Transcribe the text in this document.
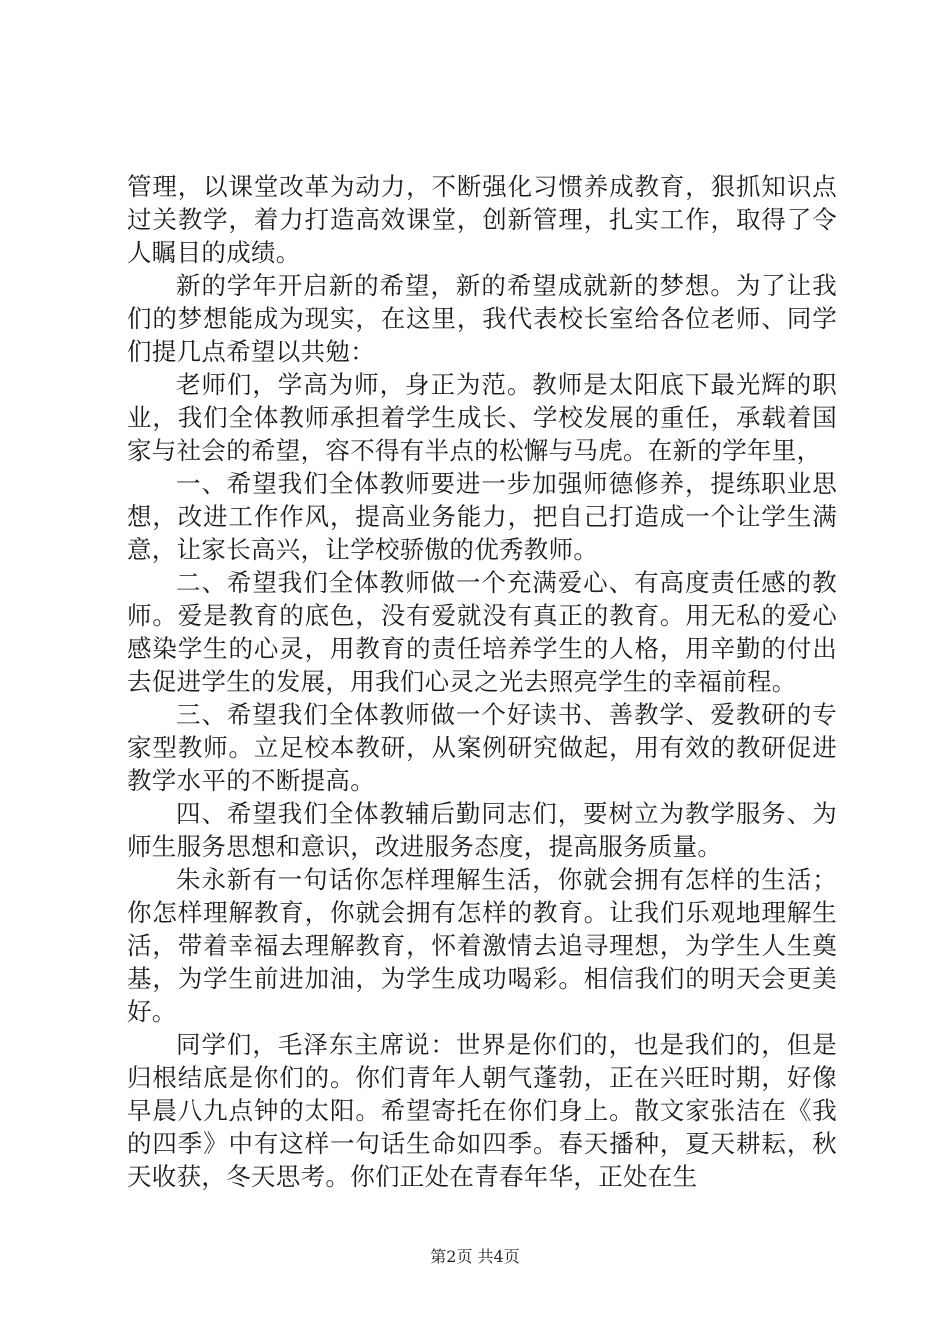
管理，以课堂改革为动力，不断强化习惯养成教育，狠抓知识点过关教学，着力打造高效课堂，创新管理，扎实工作，取得了令人瞩目的成绩。

新的学年开启新的希望，新的希望成就新的梦想。为了让我们的梦想能成为现实，在这里，我代表校长室给各位老师、同学们提几点希望以共勉：

老师们，学高为师，身正为范。教师是太阳底下最光辉的职业，我们全体教师承担着学生成长、学校发展的重任，承载着国家与社会的希望，容不得有半点的松懈与马虎。在新的学年里，

一、希望我们全体教师要进一步加强师德修养，提练职业思想，改进工作作风，提高业务能力，把自己打造成一个让学生满意，让家长高兴，让学校骄傲的优秀教师。

二、希望我们全体教师做一个充满爱心、有高度责任感的教师。爱是教育的底色，没有爱就没有真正的教育。用无私的爱心感染学生的心灵，用教育的责任培养学生的人格，用辛勤的付出去促进学生的发展，用我们心灵之光去照亮学生的幸福前程。

三、希望我们全体教师做一个好读书、善教学、爱教研的专家型教师。立足校本教研，从案例研究做起，用有效的教研促进教学水平的不断提高。

四、希望我们全体教辅后勤同志们，要树立为教学服务、为师生服务思想和意识，改进服务态度，提高服务质量。

朱永新有一句话你怎样理解生活，你就会拥有怎样的生活；你怎样理解教育，你就会拥有怎样的教育。让我们乐观地理解生活，带着幸福去理解教育，怀着激情去追寻理想，为学生人生奠基，为学生前进加油，为学生成功喝彩。相信我们的明天会更美好。

同学们，毛泽东主席说：世界是你们的，也是我们的，但是归根结底是你们的。你们青年人朝气蓬勃，正在兴旺时期，好像早晨八九点钟的太阳。希望寄托在你们身上。散文家张洁在《我的四季》中有这样一句话生命如四季。春天播种，夏天耕耘，秋天收获，冬天思考。你们正处在青春年华，正处在生

第2页 共4页
